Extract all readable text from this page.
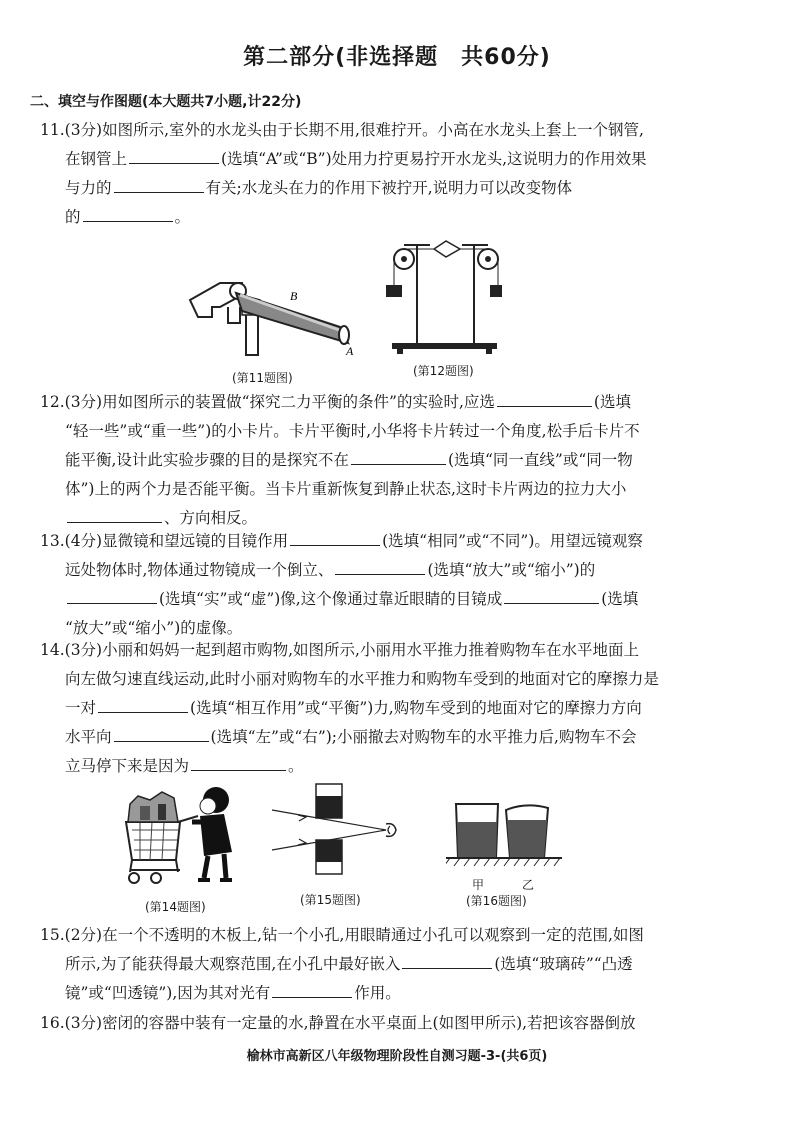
第二部分(非选择题　共60分)
二、填空与作图题(本大题共7小题,计22分)
11.(3分)如图所示,室外的水龙头由于长期不用,很难拧开。小高在水龙头上套上一个钢管,
在钢管上	(选填“A”或“B”)处用力拧更易拧开水龙头,这说明力的作用效果
与力的	有关;水龙头在力的作用下被拧开,说明力可以改变物体
的	。
B
A
(第11题图)	(第12题图)
12.(3分)用如图所示的装置做“探究二力平衡的条件”的实验时,应选	(选填
“轻一些”或“重一些”)的小卡片。卡片平衡时,小华将卡片转过一个角度,松手后卡片不
能平衡,设计此实验步骤的目的是探究不在	(选填“同一直线”或“同一物
体”)上的两个力是否能平衡。当卡片重新恢复到静止状态,这时卡片两边的拉力大小
、方向相反。
13.(4分)显微镜和望远镜的目镜作用	(选填“相同”或“不同”)。用望远镜观察
远处物体时,物体通过物镜成一个倒立、	(选填“放大”或“缩小”)的
(选填“实”或“虚”)像,这个像通过靠近眼睛的目镜成	(选填
“放大”或“缩小”)的虚像。
14.(3分)小丽和妈妈一起到超市购物,如图所示,小丽用水平推力推着购物车在水平地面上
向左做匀速直线运动,此时小丽对购物车的水平推力和购物车受到的地面对它的摩擦力是
一对	(选填“相互作用”或“平衡”)力,购物车受到的地面对它的摩擦力方向
水平向	(选填“左”或“右”);小丽撤去对购物车的水平推力后,购物车不会
立马停下来是因为	。
(第14题图)	(第15题图)
甲	乙
(第16题图)
15.(2分)在一个不透明的木板上,钻一个小孔,用眼睛通过小孔可以观察到一定的范围,如图
所示,为了能获得最大观察范围,在小孔中最好嵌入	(选填“玻璃砖”“凸透
镜”或“凹透镜”),因为其对光有	作用。
16.(3分)密闭的容器中装有一定量的水,静置在水平桌面上(如图甲所示),若把该容器倒放
榆林市高新区八年级物理阶段性自测习题-3-(共6页)
